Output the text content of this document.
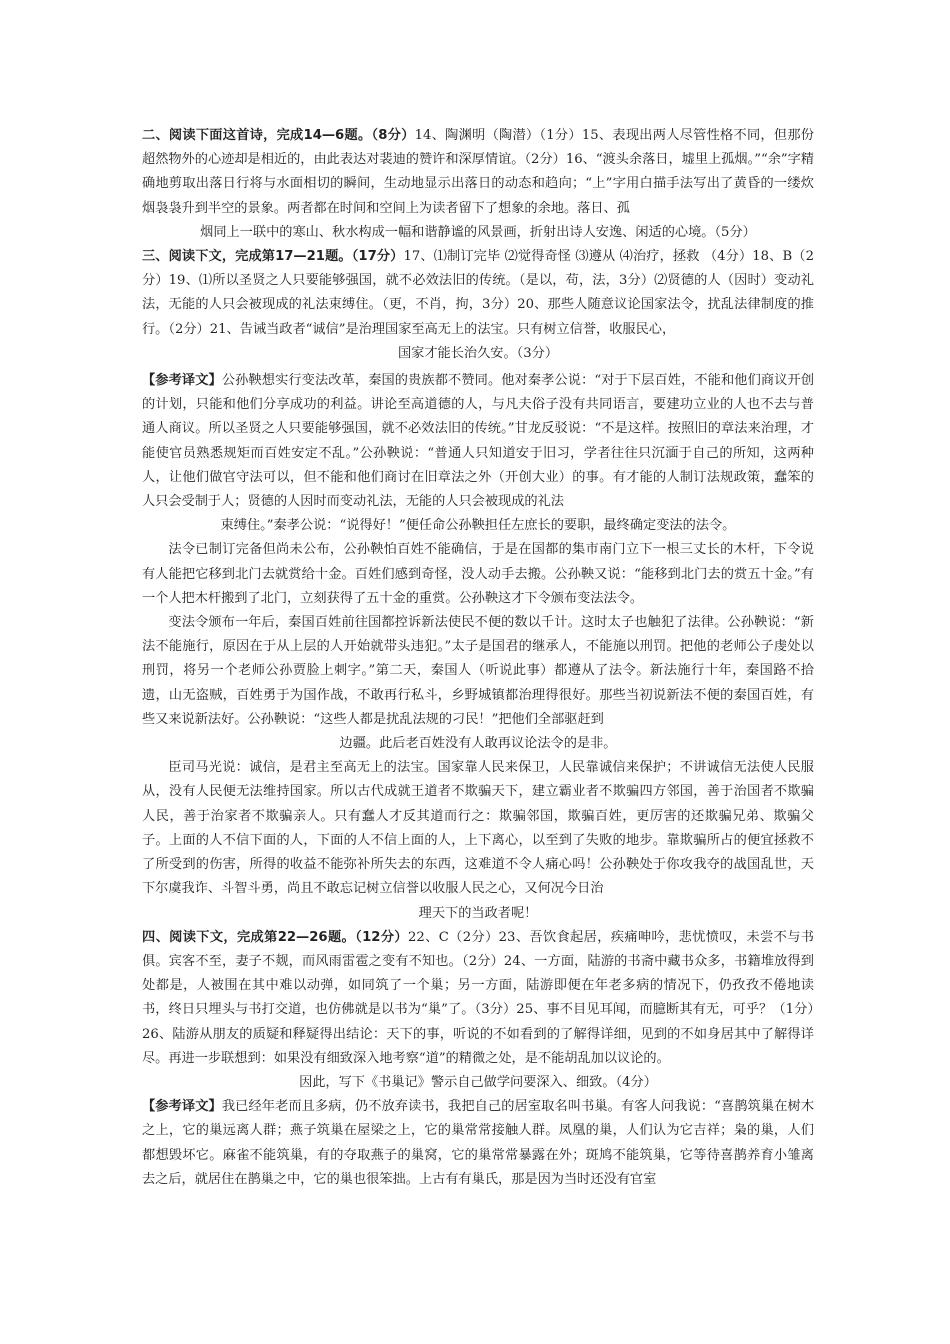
二、阅读下面这首诗，完成14—6题。（8分）14、陶渊明（陶潜）（1分）15、表现出两人尽管性格不同，但那份超然物外的心迹却是相近的，由此表达对裴迪的赞许和深厚情谊。（2分）16、“渡头余落日，墟里上孤烟。”“余”字精确地剪取出落日行将与水面相切的瞬间，生动地显示出落日的动态和趋向；“上”字用白描手法写出了黄昏的一缕炊烟袅袅升到半空的景象。两者都在时间和空间上为读者留下了想象的余地。落日、孤

烟同上一联中的寒山、秋水构成一幅和谐静谧的风景画，折射出诗人安逸、闲适的心境。（5分）

三、阅读下文，完成第17—21题。（17分）17、⑴制订完毕 ⑵觉得奇怪 ⑶遵从 ⑷治疗，拯救 （4分）18、B（2分）19、⑴所以圣贤之人只要能够强国，就不必效法旧的传统。（是以，苟，法，3分）⑵贤德的人（因时）变动礼法，无能的人只会被现成的礼法束缚住。（更，不肖，拘，3分）20、那些人随意议论国家法令，扰乱法律制度的推行。（2分）21、告诫当政者“诚信”是治理国家至高无上的法宝。只有树立信誉，收服民心，

国家才能长治久安。（3分）

【参考译文】公孙鞅想实行变法改革，秦国的贵族都不赞同。他对秦孝公说：“对于下层百姓，不能和他们商议开创的计划，只能和他们分享成功的利益。讲论至高道德的人，与凡夫俗子没有共同语言，要建功立业的人也不去与普通人商议。所以圣贤之人只要能够强国，就不必效法旧的传统。”甘龙反驳说：“不是这样。按照旧的章法来治理，才能使官员熟悉规矩而百姓安定不乱。”公孙鞅说：“普通人只知道安于旧习，学者往往只沉湎于自己的所知，这两种人，让他们做官守法可以，但不能和他们商讨在旧章法之外（开创大业）的事。有才能的人制订法规政策，蠢笨的人只会受制于人；贤德的人因时而变动礼法，无能的人只会被现成的礼法

束缚住。”秦孝公说：“说得好！”便任命公孙鞅担任左庶长的要职，最终确定变法的法令。

法令已制订完备但尚未公布，公孙鞅怕百姓不能确信，于是在国都的集市南门立下一根三丈长的木杆，下令说有人能把它移到北门去就赏给十金。百姓们感到奇怪，没人动手去搬。公孙鞅又说：“能移到北门去的赏五十金。”有一个人把木杆搬到了北门，立刻获得了五十金的重赏。公孙鞅这才下令颁布变法法令。

变法令颁布一年后，秦国百姓前往国都控诉新法使民不便的数以千计。这时太子也触犯了法律。公孙鞅说：“新法不能施行，原因在于从上层的人开始就带头违犯。”太子是国君的继承人，不能施以刑罚。把他的老师公子虔处以刑罚，将另一个老师公孙贾脸上刺字。”第二天，秦国人（听说此事）都遵从了法令。新法施行十年，秦国路不拾遗，山无盗贼，百姓勇于为国作战，不敢再行私斗，乡野城镇都治理得很好。那些当初说新法不便的秦国百姓，有些又来说新法好。公孙鞅说：“这些人都是扰乱法规的刁民！”把他们全部驱赶到

边疆。此后老百姓没有人敢再议论法令的是非。

臣司马光说：诚信，是君主至高无上的法宝。国家靠人民来保卫，人民靠诚信来保护；不讲诚信无法使人民服从，没有人民便无法维持国家。所以古代成就王道者不欺骗天下，建立霸业者不欺骗四方邻国，善于治国者不欺骗人民，善于治家者不欺骗亲人。只有蠢人才反其道而行之：欺骗邻国，欺骗百姓，更厉害的还欺骗兄弟、欺骗父子。上面的人不信下面的人，下面的人不信上面的人，上下离心，以至到了失败的地步。靠欺骗所占的便宜拯救不了所受到的伤害，所得的收益不能弥补所失去的东西，这难道不令人痛心吗！公孙鞅处于你攻我夺的战国乱世，天下尔虞我诈、斗智斗勇，尚且不敢忘记树立信誉以收服人民之心，又何况今日治

理天下的当政者呢！

四、阅读下文，完成第22—26题。（12分）22、C（2分）23、吾饮食起居，疾痛呻吟，悲忧愤叹，未尝不与书俱。宾客不至，妻子不觌，而风雨雷雹之变有不知也。（2分）24、一方面，陆游的书斋中藏书众多，书籍堆放得到处都是，人被围在其中难以动弹，如同筑了一个巢；另一方面，陆游即便在年老多病的情况下，仍孜孜不倦地读书，终日只埋头与书打交道，也仿佛就是以书为“巢”了。（3分）25、事不目见耳闻，而臆断其有无，可乎？（1分）26、陆游从朋友的质疑和释疑得出结论：天下的事，听说的不如看到的了解得详细，见到的不如身居其中了解得详尽。再进一步联想到：如果没有细致深入地考察“道”的精微之处，是不能胡乱加以议论的。

因此，写下《书巢记》警示自己做学问要深入、细致。（4分）

【参考译文】我已经年老而且多病，仍不放弃读书，我把自己的居室取名叫书巢。有客人问我说：“喜鹊筑巢在树木之上，它的巢远离人群；燕子筑巢在屋梁之上，它的巢常常接触人群。凤凰的巢，人们认为它吉祥；枭的巢，人们都想毁坏它。麻雀不能筑巢，有的夺取燕子的巢窝，它的巢常常暴露在外；斑鸠不能筑巢，它等待喜鹊养育小雏离去之后，就居住在鹊巢之中，它的巢也很笨拙。上古有有巢氏，那是因为当时还没有官室
